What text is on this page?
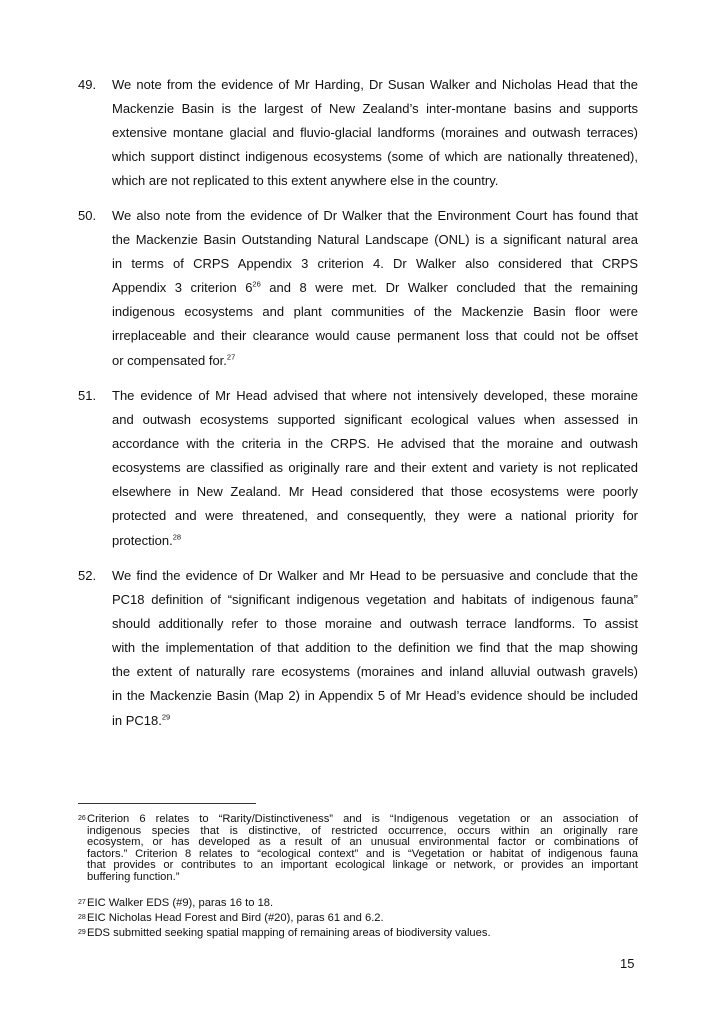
49. We note from the evidence of Mr Harding, Dr Susan Walker and Nicholas Head that the
Mackenzie Basin is the largest of New Zealand’s inter-montane basins and supports
extensive montane glacial and fluvio-glacial landforms (moraines and outwash terraces)
which support distinct indigenous ecosystems (some of which are nationally threatened),
which are not replicated to this extent anywhere else in the country.
50. We also note from the evidence of Dr Walker that the Environment Court has found that
the Mackenzie Basin Outstanding Natural Landscape (ONL) is a significant natural area
in terms of CRPS Appendix 3 criterion 4. Dr Walker also considered that CRPS
Appendix 3 criterion $6^{26}$ and 8 were met. Dr Walker concluded that the remaining
indigenous ecosystems and plant communities of the Mackenzie Basin floor were
irreplaceable and their clearance would cause permanent loss that could not be offset
or compensated for.$^{27}$
51. The evidence of Mr Head advised that where not intensively developed, these moraine
and outwash ecosystems supported significant ecological values when assessed in
accordance with the criteria in the CRPS. He advised that the moraine and outwash
ecosystems are classified as originally rare and their extent and variety is not replicated
elsewhere in New Zealand. Mr Head considered that those ecosystems were poorly
protected and were threatened, and consequently, they were a national priority for
protection.$^{28}$
52. We find the evidence of Dr Walker and Mr Head to be persuasive and conclude that the
PC18 definition of “significant indigenous vegetation and habitats of indigenous fauna”
should additionally refer to those moraine and outwash terrace landforms. To assist
with the implementation of that addition to the definition we find that the map showing
the extent of naturally rare ecosystems (moraines and inland alluvial outwash gravels)
in the Mackenzie Basin (Map 2) in Appendix 5 of Mr Head’s evidence should be included
in PC18.29
26 Criterion 6 relates to “Rarity/Distinctiveness” and is “Indigenous vegetation or an association of
indigenous species that is distinctive, of restricted occurrence, occurs within an originally rare
ecosystem, or has developed as a result of an unusual environmental factor or combinations of
factors.” Criterion 8 relates to “ecological context” and is “Vegetation or habitat of indigenous fauna
that provides or contributes to an important ecological linkage or network, or provides an important
buffering function.”
27 EIC Walker EDS (#9), paras 16 to 18.
28 EIC Nicholas Head Forest and Bird (#20), paras 61 and 6.2.
29 EDS submitted seeking spatial mapping of remaining areas of biodiversity values.
15
